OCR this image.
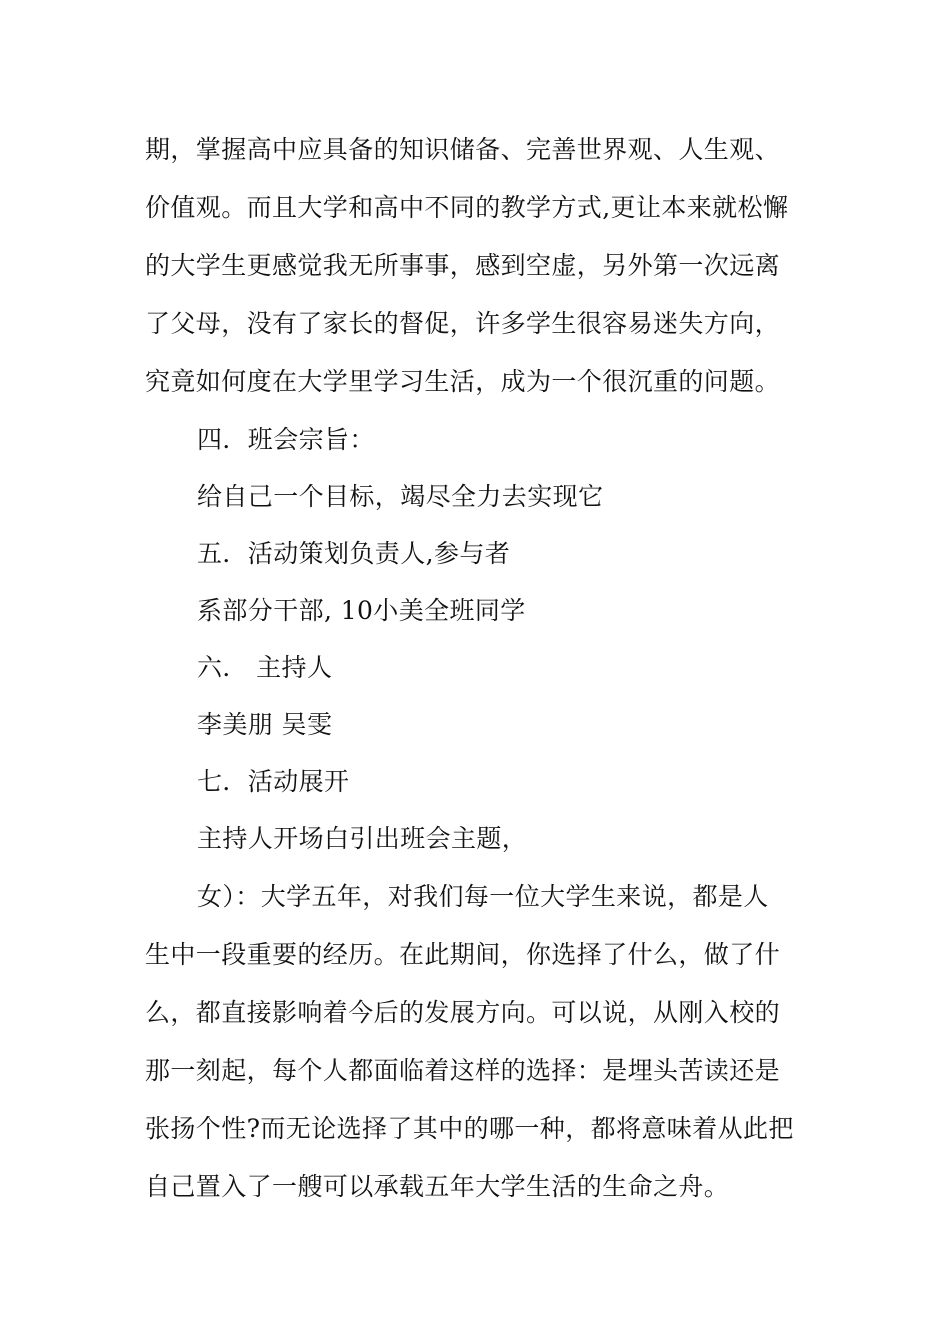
期，掌握高中应具备的知识储备、完善世界观、人生观、
价值观。而且大学和高中不同的教学方式,更让本来就松懈
的大学生更感觉我无所事事，感到空虚，另外第一次远离
了父母，没有了家长的督促，许多学生很容易迷失方向，
究竟如何度在大学里学习生活，成为一个很沉重的问题。
四．班会宗旨：
给自己一个目标，竭尽全力去实现它
五．活动策划负责人,参与者
系部分干部, 10小美全班同学
六． 主持人
李美朋 吴雯
七．活动展开
主持人开场白引出班会主题，
女）：大学五年，对我们每一位大学生来说，都是人
生中一段重要的经历。在此期间，你选择了什么，做了什
么，都直接影响着今后的发展方向。可以说，从刚入校的
那一刻起，每个人都面临着这样的选择：是埋头苦读还是
张扬个性?而无论选择了其中的哪一种，都将意味着从此把
自己置入了一艘可以承载五年大学生活的生命之舟。
